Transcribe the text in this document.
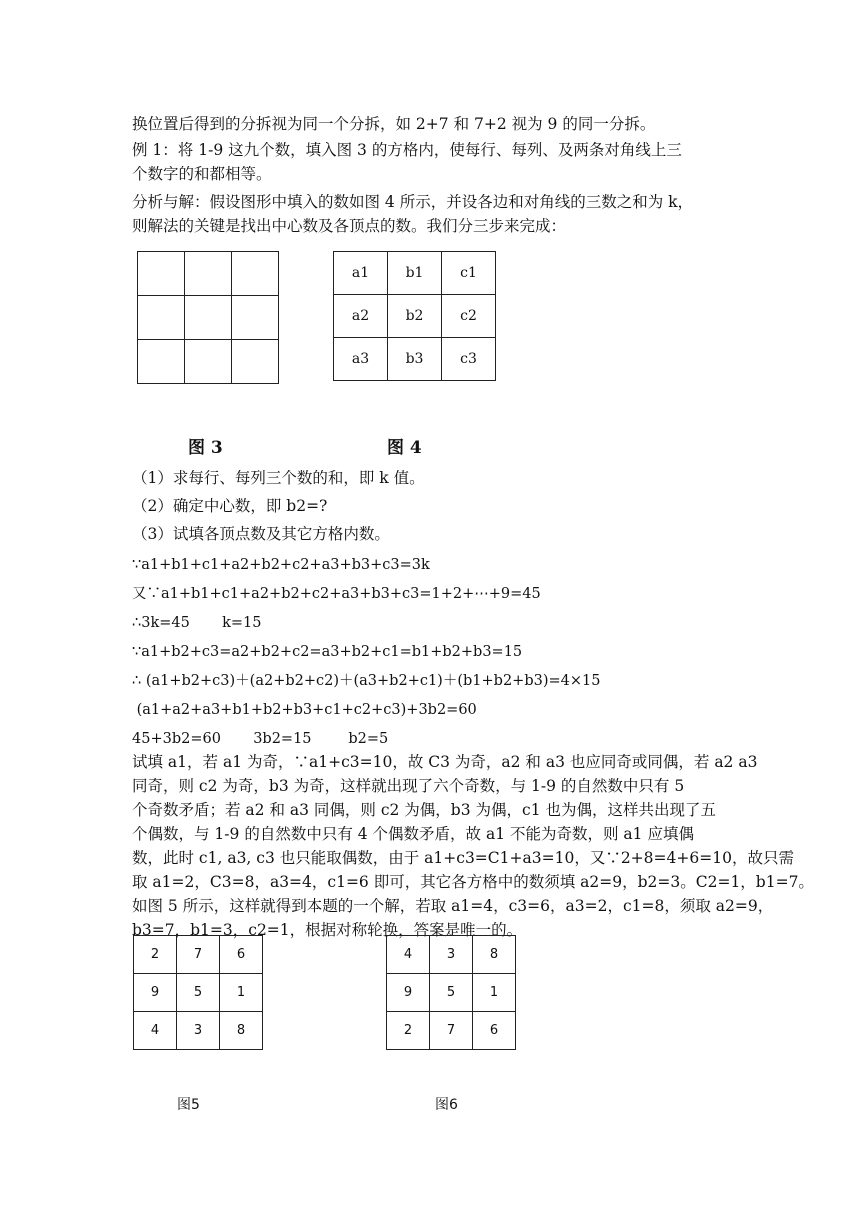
换位置后得到的分拆视为同一个分拆，如 2+7 和 7+2 视为 9 的同一分拆。
例 1：将 1-9 这九个数，填入图 3 的方格内，使每行、每列、及两条对角线上三
个数字的和都相等。
分析与解：假设图形中填入的数如图 4 所示，并设各边和对角线的三数之和为 k，
则解法的关键是找出中心数及各顶点的数。我们分三步来完成：

a1	b1	c1
a2	b2	c2
a3	b3	c3
图 3	图 4
（1）求每行、每列三个数的和，即 k 值。
（2）确定中心数，即 b2=?
（3）试填各顶点数及其它方格内数。
∵a1+b1+c1+a2+b2+c2+a3+b3+c3=3k
又∵a1+b1+c1+a2+b2+c2+a3+b3+c3=1+2+⋯+9=45
∴3k=45       k=15
∵a1+b2+c3=a2+b2+c2=a3+b2+c1=b1+b2+b3=15
∴ (a1+b2+c3)＋(a2+b2+c2)＋(a3+b2+c1)＋(b1+b2+b3)=4×15
(a1+a2+a3+b1+b2+b3+c1+c2+c3)+3b2=60
45+3b2=60       3b2=15        b2=5
试填 a1，若 a1 为奇，∵a1+c3=10，故 C3 为奇，a2 和 a3 也应同奇或同偶，若 a2 a3
同奇，则 c2 为奇，b3 为奇，这样就出现了六个奇数，与 1-9 的自然数中只有 5
个奇数矛盾；若 a2 和 a3 同偶，则 c2 为偶，b3 为偶，c1 也为偶，这样共出现了五
个偶数，与 1-9 的自然数中只有 4 个偶数矛盾，故 a1 不能为奇数，则 a1 应填偶
数，此时 c1, a3, c3 也只能取偶数，由于 a1+c3=C1+a3=10，又∵2+8=4+6=10，故只需
取 a1=2，C3=8，a3=4，c1=6 即可，其它各方格中的数须填 a2=9，b2=3。C2=1，b1=7。
如图 5 所示，这样就得到本题的一个解，若取 a1=4，c3=6，a3=2，c1=8，须取 a2=9，
b3=7，b1=3，c2=1，根据对称轮换，答案是唯一的。
2	7	6
9	5	1
4	3	8
4	3	8
9	5	1
2	7	6
图5	图6
